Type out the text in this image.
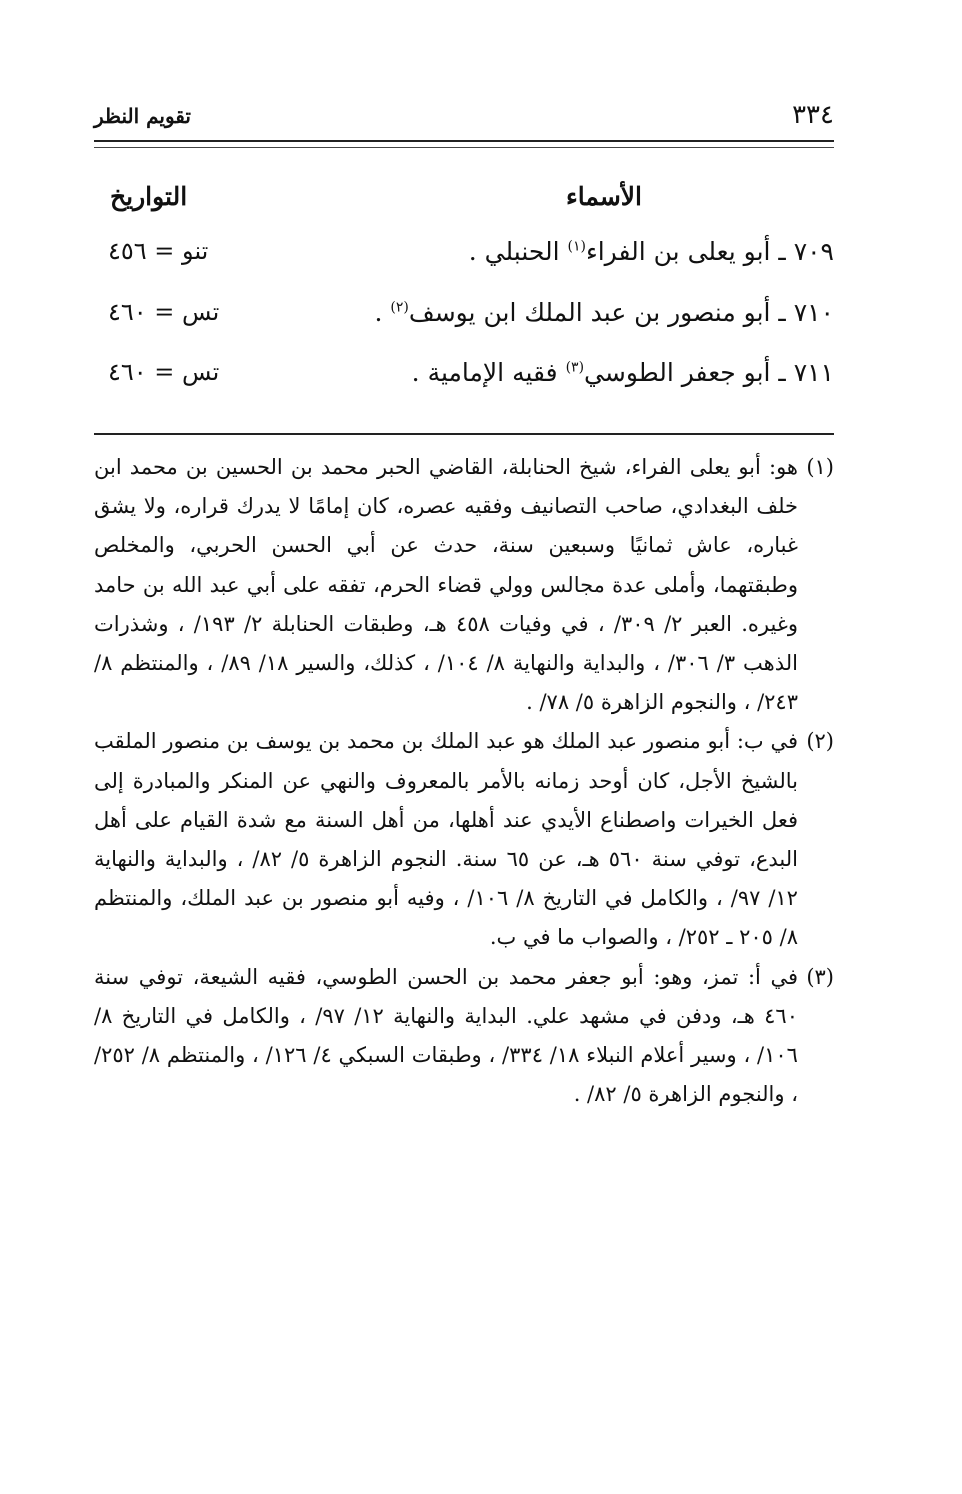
٣٣٤
تقويم النظر
الأسماء
التواريخ
٧٠٩ ـ أبو يعلى بن الفراء$^{(١)}$ الحنبلي .
تنو = ٤٥٦
٧١٠ ـ أبو منصور بن عبد الملك ابن يوسف$^{(٢)}$ .
تس = ٤٦٠
٧١١ ـ أبو جعفر الطوسي$^{(٣)}$ فقيه الإمامية .
تس = ٤٦٠

(١)
هو: أبو يعلى الفراء، شيخ الحنابلة، القاضي الحبر محمد بن الحسين بن محمد ابن خلف البغدادي، صاحب التصانيف وفقيه عصره، كان إمامًا لا يدرك قراره، ولا يشق غباره، عاش ثمانيًا وسبعين سنة، حدث عن أبي الحسن الحربي، والمخلص وطبقتهما، وأملى عدة مجالس وولي قضاء الحرم، تفقه على أبي عبد الله بن حامد وغيره. العبر ٢/ ٣٠٩/ ، في وفيات ٤٥٨ هـ، وطبقات الحنابلة ٢/ ١٩٣/ ، وشذرات الذهب ٣/ ٣٠٦/ ، والبداية والنهاية ٨/ ١٠٤/ ، كذلك، والسير ١٨/ ٨٩/ ، والمنتظم ٨/ ٢٤٣/ ، والنجوم الزاهرة ٥/ ٧٨/ .

(٢)
في ب: أبو منصور عبد الملك هو عبد الملك بن محمد بن يوسف بن منصور الملقب بالشيخ الأجل، كان أوحد زمانه بالأمر بالمعروف والنهي عن المنكر والمبادرة إلى فعل الخيرات واصطناع الأيدي عند أهلها، من أهل السنة مع شدة القيام على أهل البدع، توفي سنة ٥٦٠ هـ، عن ٦٥ سنة. النجوم الزاهرة ٥/ ٨٢/ ، والبداية والنهاية ١٢/ ٩٧/ ، والكامل في التاريخ ٨/ ١٠٦/ ، وفيه أبو منصور بن عبد الملك، والمنتظم ٨/ ٢٠٥ ـ ٢٥٢/ ، والصواب ما في ب.

(٣)
في أ: تمز، وهو: أبو جعفر محمد بن الحسن الطوسي، فقيه الشيعة، توفي سنة ٤٦٠ هـ، ودفن في مشهد علي. البداية والنهاية ١٢/ ٩٧/ ، والكامل في التاريخ ٨/ ١٠٦/ ، وسير أعلام النبلاء ١٨/ ٣٣٤/ ، وطبقات السبكي ٤/ ١٢٦/ ، والمنتظم ٨/ ٢٥٢/ ، والنجوم الزاهرة ٥/ ٨٢/ .
